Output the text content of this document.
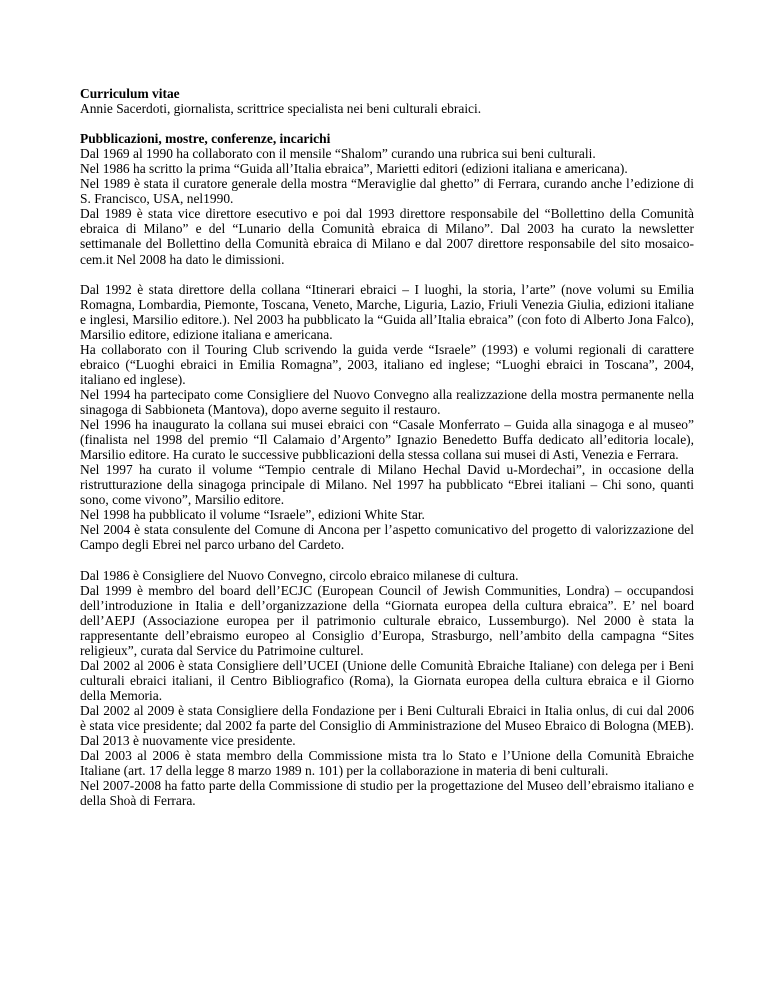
Curriculum vitae

Annie Sacerdoti, giornalista, scrittrice specialista nei beni culturali ebraici.

Pubblicazioni, mostre, conferenze, incarichi

Dal 1969 al 1990 ha collaborato con il mensile “Shalom” curando una rubrica sui beni culturali.

Nel 1986 ha scritto la prima “Guida all’Italia ebraica”, Marietti editori (edizioni italiana e americana).

Nel 1989 è stata il curatore generale della mostra “Meraviglie dal ghetto” di Ferrara, curando anche l’edizione di S. Francisco, USA, nel1990.

Dal 1989 è stata vice direttore esecutivo e poi dal 1993 direttore responsabile del “Bollettino della Comunità ebraica di Milano” e del “Lunario della Comunità ebraica di Milano”. Dal 2003 ha curato la newsletter settimanale del Bollettino della Comunità ebraica di Milano e dal 2007 direttore responsabile del sito mosaico-cem.it Nel 2008 ha dato le dimissioni.

Dal 1992 è stata direttore della collana “Itinerari ebraici – I luoghi, la storia, l’arte” (nove volumi su Emilia Romagna, Lombardia, Piemonte, Toscana, Veneto, Marche, Liguria, Lazio, Friuli Venezia Giulia, edizioni italiane e inglesi, Marsilio editore.). Nel 2003 ha pubblicato la “Guida all’Italia ebraica” (con foto di Alberto Jona Falco), Marsilio editore, edizione italiana e americana.

Ha collaborato con il Touring Club scrivendo la guida verde “Israele” (1993) e volumi regionali di carattere ebraico (“Luoghi ebraici in Emilia Romagna”, 2003, italiano ed inglese; “Luoghi ebraici in Toscana”, 2004, italiano ed inglese).

Nel 1994 ha partecipato come Consigliere del Nuovo Convegno alla realizzazione della mostra permanente nella sinagoga di Sabbioneta (Mantova), dopo averne seguito il restauro.

Nel 1996 ha inaugurato la collana sui musei ebraici con “Casale Monferrato – Guida alla sinagoga e al museo” (finalista nel 1998 del premio “Il Calamaio d’Argento” Ignazio Benedetto Buffa dedicato all’editoria locale), Marsilio editore. Ha curato le successive pubblicazioni della stessa collana sui musei di Asti, Venezia e Ferrara.

Nel 1997 ha curato il volume “Tempio centrale di Milano Hechal David u-Mordechai”, in occasione della ristrutturazione della sinagoga principale di Milano. Nel 1997 ha pubblicato “Ebrei italiani – Chi sono, quanti sono, come vivono”, Marsilio editore.

Nel 1998 ha pubblicato il volume “Israele”, edizioni White Star.

Nel 2004 è stata consulente del Comune di Ancona per l’aspetto comunicativo del progetto di valorizzazione del Campo degli Ebrei nel parco urbano del Cardeto.

Dal 1986 è Consigliere del Nuovo Convegno, circolo ebraico milanese di cultura.

Dal 1999 è membro del board dell’ECJC (European Council of Jewish Communities, Londra) – occupandosi dell’introduzione in Italia e dell’organizzazione della “Giornata europea della cultura ebraica”. E’ nel board dell’AEPJ (Associazione europea per il patrimonio culturale ebraico, Lussemburgo). Nel 2000 è stata la rappresentante dell’ebraismo europeo al Consiglio d’Europa, Strasburgo, nell’ambito della campagna “Sites religieux”, curata dal Service du Patrimoine culturel.

Dal 2002 al 2006 è stata Consigliere dell’UCEI (Unione delle Comunità Ebraiche Italiane) con delega per i Beni culturali ebraici italiani, il Centro Bibliografico (Roma), la Giornata europea della cultura ebraica e il Giorno della Memoria.

Dal 2002 al 2009 è stata Consigliere della Fondazione per i Beni Culturali Ebraici in Italia onlus, di cui dal 2006 è stata vice presidente; dal 2002 fa parte del Consiglio di Amministrazione del Museo Ebraico di Bologna (MEB). Dal 2013 è nuovamente vice presidente.

Dal 2003 al 2006 è stata membro della Commissione mista tra lo Stato e l’Unione della Comunità Ebraiche Italiane (art. 17 della legge 8 marzo 1989 n. 101) per la collaborazione in materia di beni culturali.

Nel 2007-2008 ha fatto parte della Commissione di studio per la progettazione del Museo dell’ebraismo italiano e della Shoà di Ferrara.
